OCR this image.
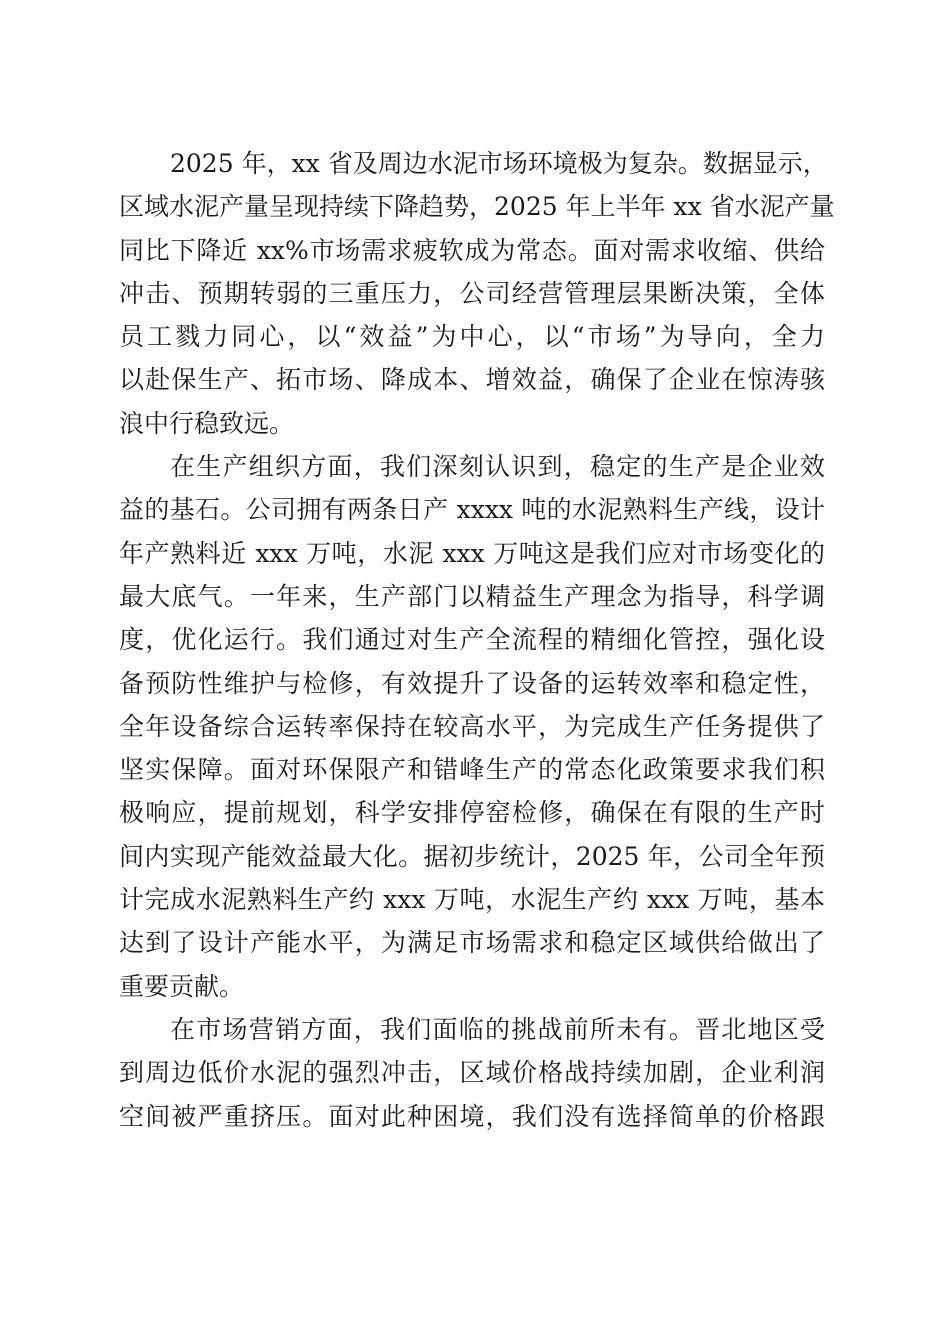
2025 年，xx 省及周边水泥市场环境极为复杂。数据显示，
区域水泥产量呈现持续下降趋势，2025 年上半年 xx 省水泥产量
同比下降近 xx%市场需求疲软成为常态。面对需求收缩、供给
冲击、预期转弱的三重压力，公司经营管理层果断决策，全体
员工戮力同心，以“效益”为中心，以“市场”为导向，全力
以赴保生产、拓市场、降成本、增效益，确保了企业在惊涛骇
浪中行稳致远。

在生产组织方面，我们深刻认识到，稳定的生产是企业效
益的基石。公司拥有两条日产 xxxx 吨的水泥熟料生产线，设计
年产熟料近 xxx 万吨，水泥 xxx 万吨这是我们应对市场变化的
最大底气。一年来，生产部门以精益生产理念为指导，科学调
度，优化运行。我们通过对生产全流程的精细化管控，强化设
备预防性维护与检修，有效提升了设备的运转效率和稳定性，
全年设备综合运转率保持在较高水平，为完成生产任务提供了
坚实保障。面对环保限产和错峰生产的常态化政策要求我们积
极响应，提前规划，科学安排停窑检修，确保在有限的生产时
间内实现产能效益最大化。据初步统计，2025 年，公司全年预
计完成水泥熟料生产约 xxx 万吨，水泥生产约 xxx 万吨，基本
达到了设计产能水平，为满足市场需求和稳定区域供给做出了
重要贡献。

在市场营销方面，我们面临的挑战前所未有。晋北地区受
到周边低价水泥的强烈冲击，区域价格战持续加剧，企业利润
空间被严重挤压。面对此种困境，我们没有选择简单的价格跟
